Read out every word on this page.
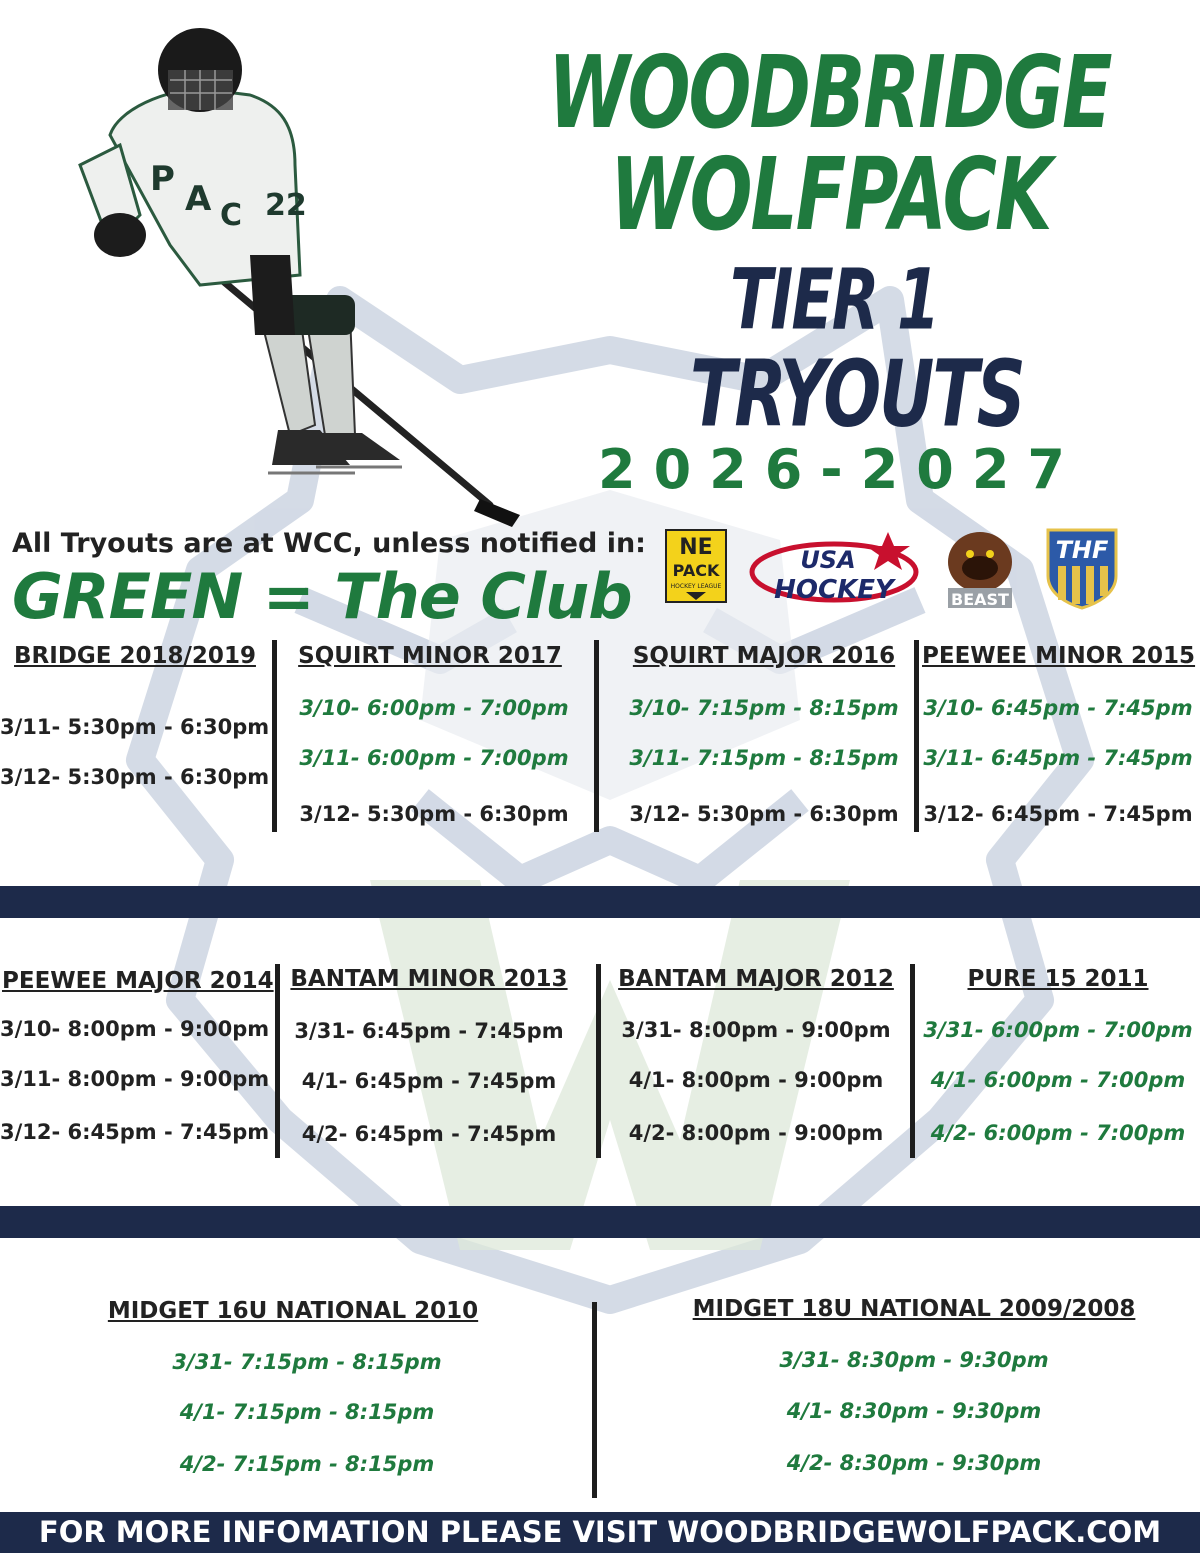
P A C 22
WOODBRIDGE
WOLFPACK
TIER 1
TRYOUTS
2026-2027
All Tryouts are at WCC, unless notified in:
GREEN = The Club
NE
PACK
HOCKEY LEAGUE
USA
HOCKEY	BEAST
THF
BRIDGE 2018/2019
3/11- 5:30pm - 6:30pm
3/12- 5:30pm - 6:30pm
SQUIRT MINOR 2017
3/10- 6:00pm - 7:00pm
3/11- 6:00pm - 7:00pm
3/12- 5:30pm - 6:30pm
SQUIRT MAJOR 2016
3/10- 7:15pm - 8:15pm
3/11- 7:15pm - 8:15pm
3/12- 5:30pm - 6:30pm
PEEWEE MINOR 2015
3/10- 6:45pm - 7:45pm
3/11- 6:45pm - 7:45pm
3/12- 6:45pm - 7:45pm
PEEWEE MAJOR 2014
3/10- 8:00pm - 9:00pm
3/11- 8:00pm - 9:00pm
3/12- 6:45pm - 7:45pm
BANTAM MINOR 2013
3/31- 6:45pm - 7:45pm
4/1- 6:45pm - 7:45pm
4/2- 6:45pm - 7:45pm
BANTAM MAJOR 2012
3/31- 8:00pm - 9:00pm
4/1- 8:00pm - 9:00pm
4/2- 8:00pm - 9:00pm
PURE 15 2011
3/31- 6:00pm - 7:00pm
4/1- 6:00pm - 7:00pm
4/2- 6:00pm - 7:00pm
MIDGET 16U NATIONAL 2010
3/31- 7:15pm - 8:15pm
4/1- 7:15pm - 8:15pm
4/2- 7:15pm - 8:15pm
MIDGET 18U NATIONAL 2009/2008
3/31- 8:30pm - 9:30pm
4/1- 8:30pm - 9:30pm
4/2- 8:30pm - 9:30pm
FOR MORE INFOMATION PLEASE VISIT WOODBRIDGEWOLFPACK.COM
